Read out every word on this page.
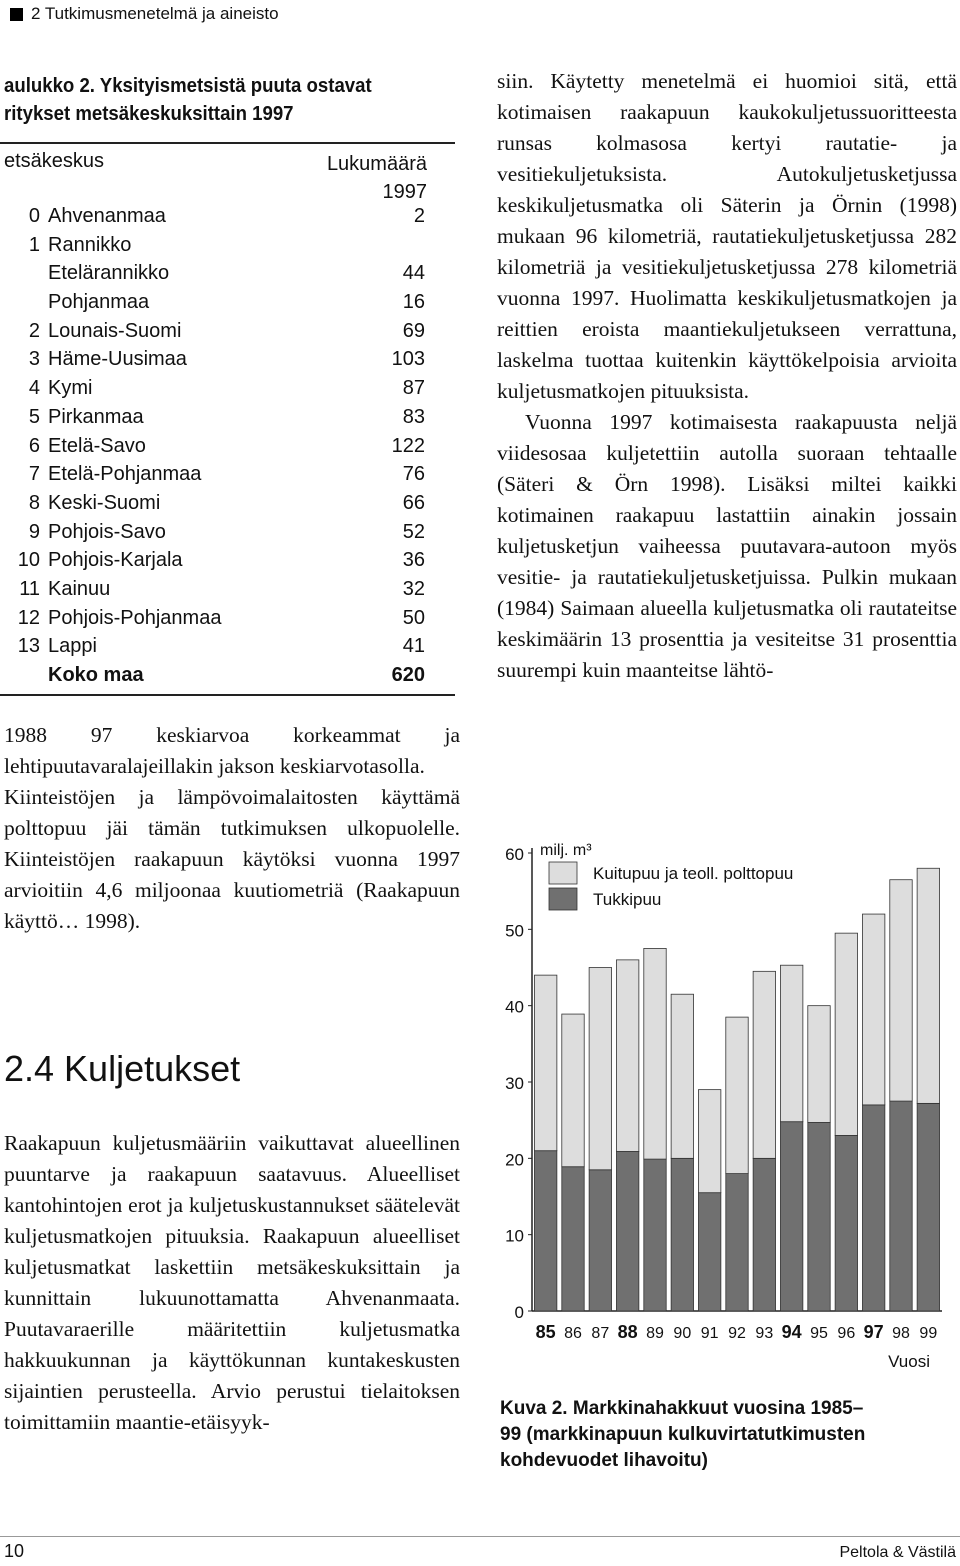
2 Tutkimusmenetelmä ja aineisto
aulukko 2. Yksityismetsistä puuta ostavat
ritykset metsäkeskuksittain 1997
etsäkeskus	Lukumäärä
1997
0 Ahvenanmaa	2
1 Rannikko
Etelärannikko	44
Pohjanmaa	16
2 Lounais-Suomi	69
3 Häme-Uusimaa	103
4 Kymi	87
5 Pirkanmaa	83
6 Etelä-Savo	122
7 Etelä-Pohjanmaa	76
8 Keski-Suomi	66
9 Pohjois-Savo	52
10 Pohjois-Karjala	36
11 Kainuu	32
12 Pohjois-Pohjanmaa	50
13 Lappi	41
Koko maa	620

1988 97 keskiarvoa korkeammat ja lehtipuutavaralajeillakin jakson keskiarvotasolla.

Kiinteistöjen ja lämpövoimalaitosten käyttämä polttopuu jäi tämän tutkimuksen ulkopuolelle. Kiinteistöjen raakapuun käytöksi vuonna 1997 arvioitiin 4,6 miljoonaa kuutiometriä (Raakapuun käyttö… 1998).

2.4 Kuljetukset

Raakapuun kuljetusmääriin vaikuttavat alueellinen puuntarve ja raakapuun saatavuus. Alueelliset kantohintojen erot ja kuljetuskustannukset säätelevät kuljetusmatkojen pituuksia. Raakapuun alueelliset kuljetusmatkat laskettiin metsäkeskuksittain ja kunnittain lukuunottamatta Ahvenanmaata. Puutavaraerille määritettiin kuljetusmatka hakkuukunnan ja käyttökunnan kuntakeskusten sijaintien perusteella. Arvio perustui tielaitoksen toimittamiin maantie-etäisyyk-

siin. Käytetty menetelmä ei huomioi sitä, että kotimaisen raakapuun kaukokuljetussuoritteesta runsas kolmasosa kertyi rautatie- ja vesitiekuljetuksista. Autokuljetusketjussa keskikuljetusmatka oli Säterin ja Örnin (1998) mukaan 96 kilometriä, rautatiekuljetusketjussa 282 kilometriä ja vesitiekuljetusketjussa 278 kilometriä vuonna 1997. Huolimatta keskikuljetusmatkojen ja reittien eroista maantiekuljetukseen verrattuna, laskelma tuottaa kuitenkin käyttökelpoisia arvioita kuljetusmatkojen pituuksista.

Vuonna 1997 kotimaisesta raakapuusta neljä viidesosaa kuljetettiin autolla suoraan tehtaalle (Säteri & Örn 1998). Lisäksi miltei kaikki kotimainen raakapuu lastattiin ainakin jossain kuljetusketjun vaiheessa puutavara-autoon myös vesitie- ja rautatiekuljetusketjuissa. Pulkin mukaan (1984) Saimaan alueella kuljetusmatka oli rautateitse keskimäärin 13 prosenttia ja vesiteitse 31 prosenttia suurempi kuin maanteitse lähtö-

0
10
20
30
40
50
60 milj. m³
85 86 87 88 89 90 91 92 93 94 95 96 97 98 99
Vuosi
Kuitupuu ja teoll. polttopuu
Tukkipuu
Kuva 2. Markkinahakkuut vuosina 1985–
99 (markkinapuun kulkuvirtatutkimusten
kohdevuodet lihavoitu)
10	Peltola & Västilä
